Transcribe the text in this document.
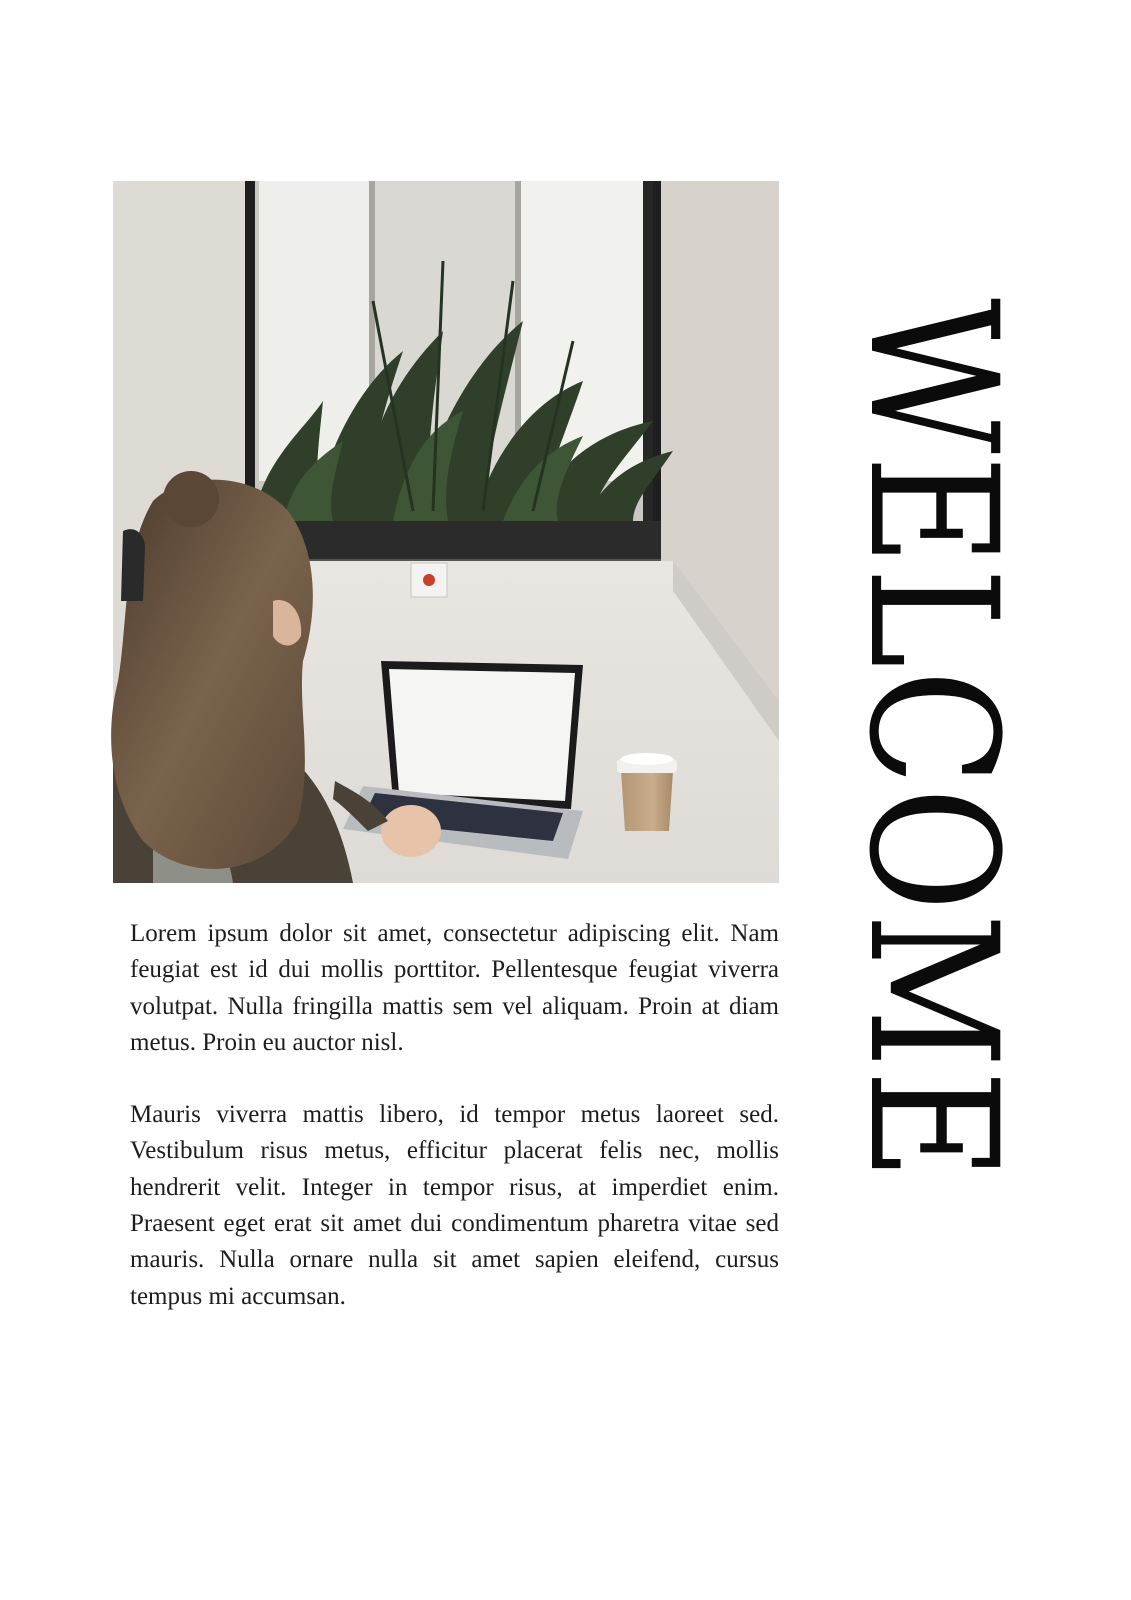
WELCOME

Lorem ipsum dolor sit amet, consectetur adipiscing elit. Nam feugiat est id dui mollis porttitor. Pellentesque feugiat viverra volutpat. Nulla fringilla mattis sem vel aliquam. Proin at diam metus. Proin eu auctor nisl.

Mauris viverra mattis libero, id tempor metus laoreet sed. Vestibulum risus metus, efficitur placerat felis nec, mollis hendrerit velit. Integer in tempor risus, at imperdiet enim. Praesent eget erat sit amet dui condimentum pharetra vitae sed mauris. Nulla ornare nulla sit amet sapien eleifend, cursus tempus mi accumsan.
